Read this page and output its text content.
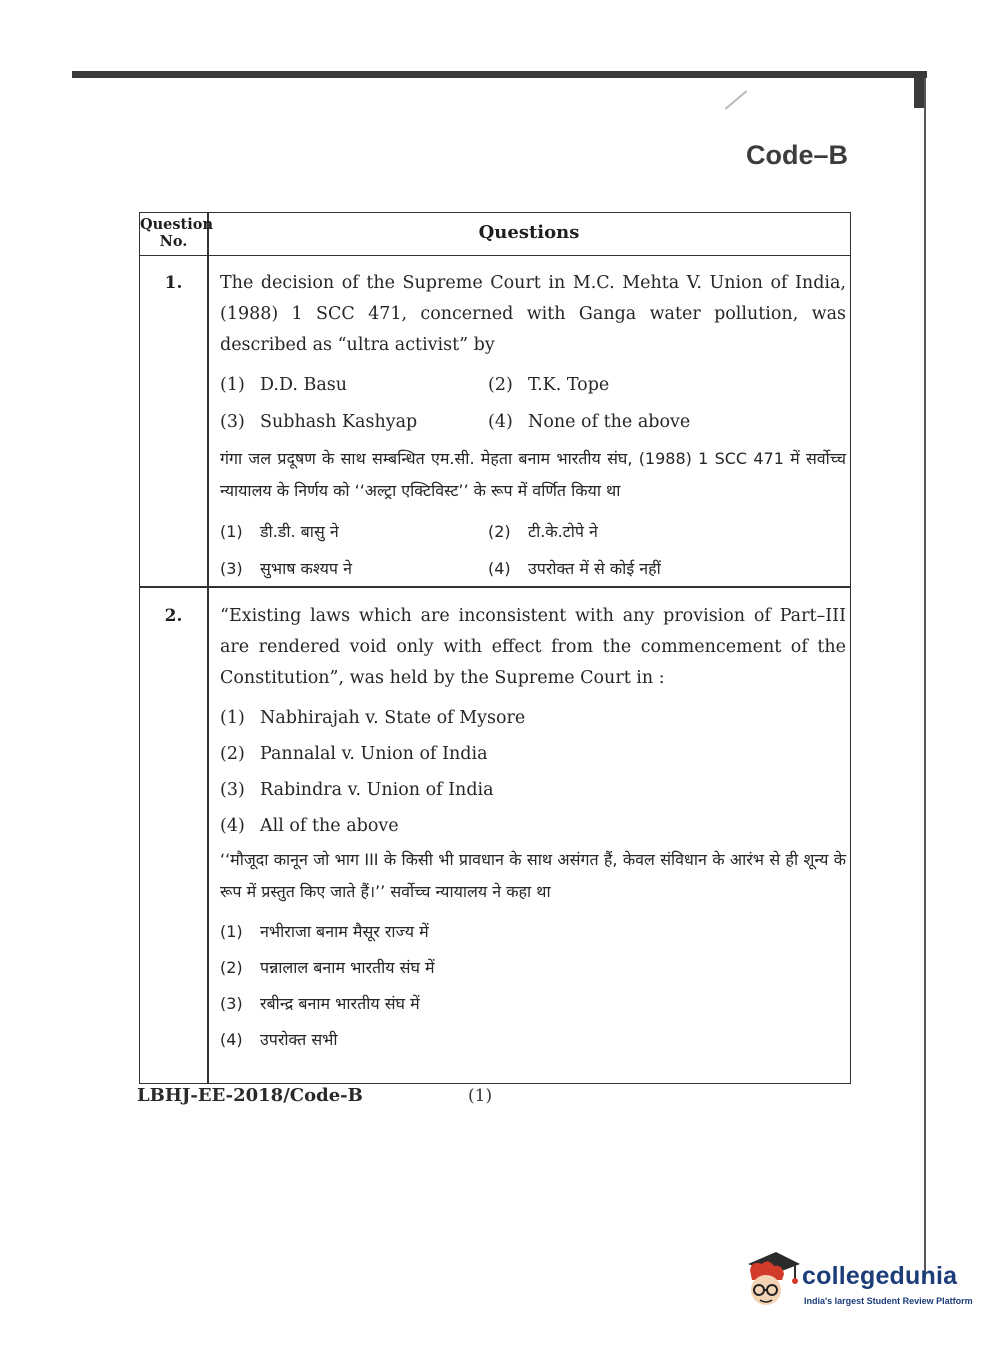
Code–B
Question
No.	Questions
1.	The decision of the Supreme Court in M.C. Mehta V. Union of India, (1988) 1 SCC 471, concerned with Ganga water pollution, was described as “ultra activist” by

(1) D.D. Basu	(2) T.K. Tope
(3) Subhash Kashyap	(4) None of the above

गंगा जल प्रदूषण के साथ सम्बन्धित एम.सी. मेहता बनाम भारतीय संघ, (1988) 1 SCC 471 में सर्वोच्च न्यायालय के निर्णय को ‘‘अल्ट्रा एक्टिविस्ट’’ के रूप में वर्णित किया था

(1)	डी.डी. बासु ने	(2)	टी.के.टोपे ने
(3)	सुभाष कश्यप ने	(4)	उपरोक्त में से कोई नहीं
2.	“Existing laws which are inconsistent with any provision of Part–III are rendered void only with effect from the commencement of the Constitution”, was held by the Supreme Court in :

(1) Nabhirajah v. State of Mysore
(2) Pannalal v. Union of India
(3) Rabindra v. Union of India
(4) All of the above

‘‘मौजूदा कानून जो भाग III के किसी भी प्रावधान के साथ असंगत हैं, केवल संविधान के आरंभ से ही शून्य के रूप में प्रस्तुत किए जाते हैं।’’ सर्वोच्च न्यायालय ने कहा था

(1)	नभीराजा बनाम मैसूर राज्य में
(2)	पन्नालाल बनाम भारतीय संघ में
(3)	रबीन्द्र बनाम भारतीय संघ में
(4)	उपरोक्त सभी
LBHJ-EE-2018/Code-B	(1)
collegedunia
India's largest Student Review Platform
